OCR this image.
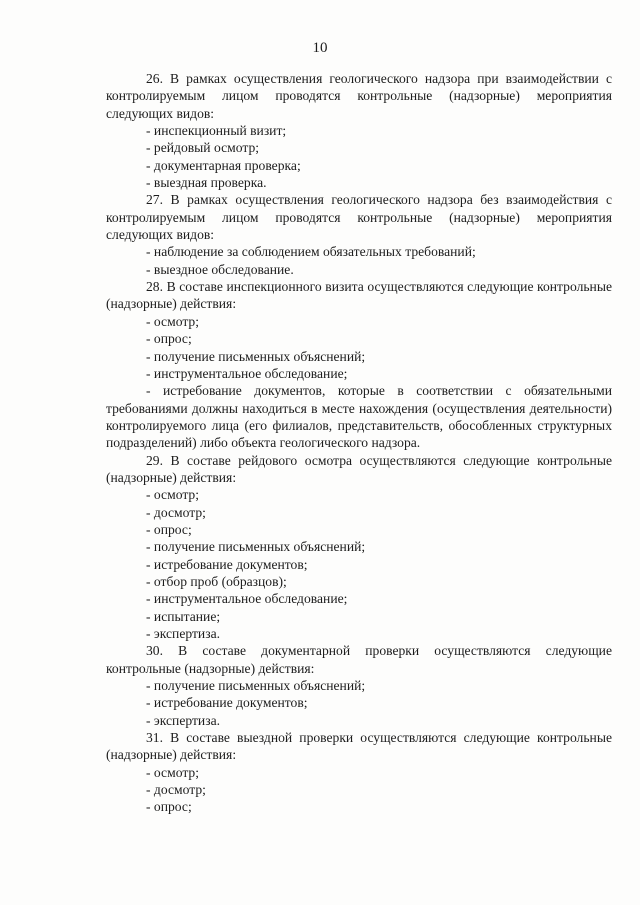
10

26. В рамках осуществления геологического надзора при взаимодействии с контролируемым лицом проводятся контрольные (надзорные) мероприятия следующих видов:

- инспекционный визит;

- рейдовый осмотр;

- документарная проверка;

- выездная проверка.

27. В рамках осуществления геологического надзора без взаимодействия с контролируемым лицом проводятся контрольные (надзорные) мероприятия следующих видов:

- наблюдение за соблюдением обязательных требований;

- выездное обследование.

28. В составе инспекционного визита осуществляются следующие контрольные (надзорные) действия:

- осмотр;

- опрос;

- получение письменных объяснений;

- инструментальное обследование;

- истребование документов, которые в соответствии с обязательными требованиями должны находиться в месте нахождения (осуществления деятельности) контролируемого лица (его филиалов, представительств, обособленных структурных подразделений) либо объекта геологического надзора.

29. В составе рейдового осмотра осуществляются следующие контрольные (надзорные) действия:

- осмотр;

- досмотр;

- опрос;

- получение письменных объяснений;

- истребование документов;

- отбор проб (образцов);

- инструментальное обследование;

- испытание;

- экспертиза.

30. В составе документарной проверки осуществляются следующие контрольные (надзорные) действия:

- получение письменных объяснений;

- истребование документов;

- экспертиза.

31. В составе выездной проверки осуществляются следующие контрольные (надзорные) действия:

- осмотр;

- досмотр;

- опрос;
